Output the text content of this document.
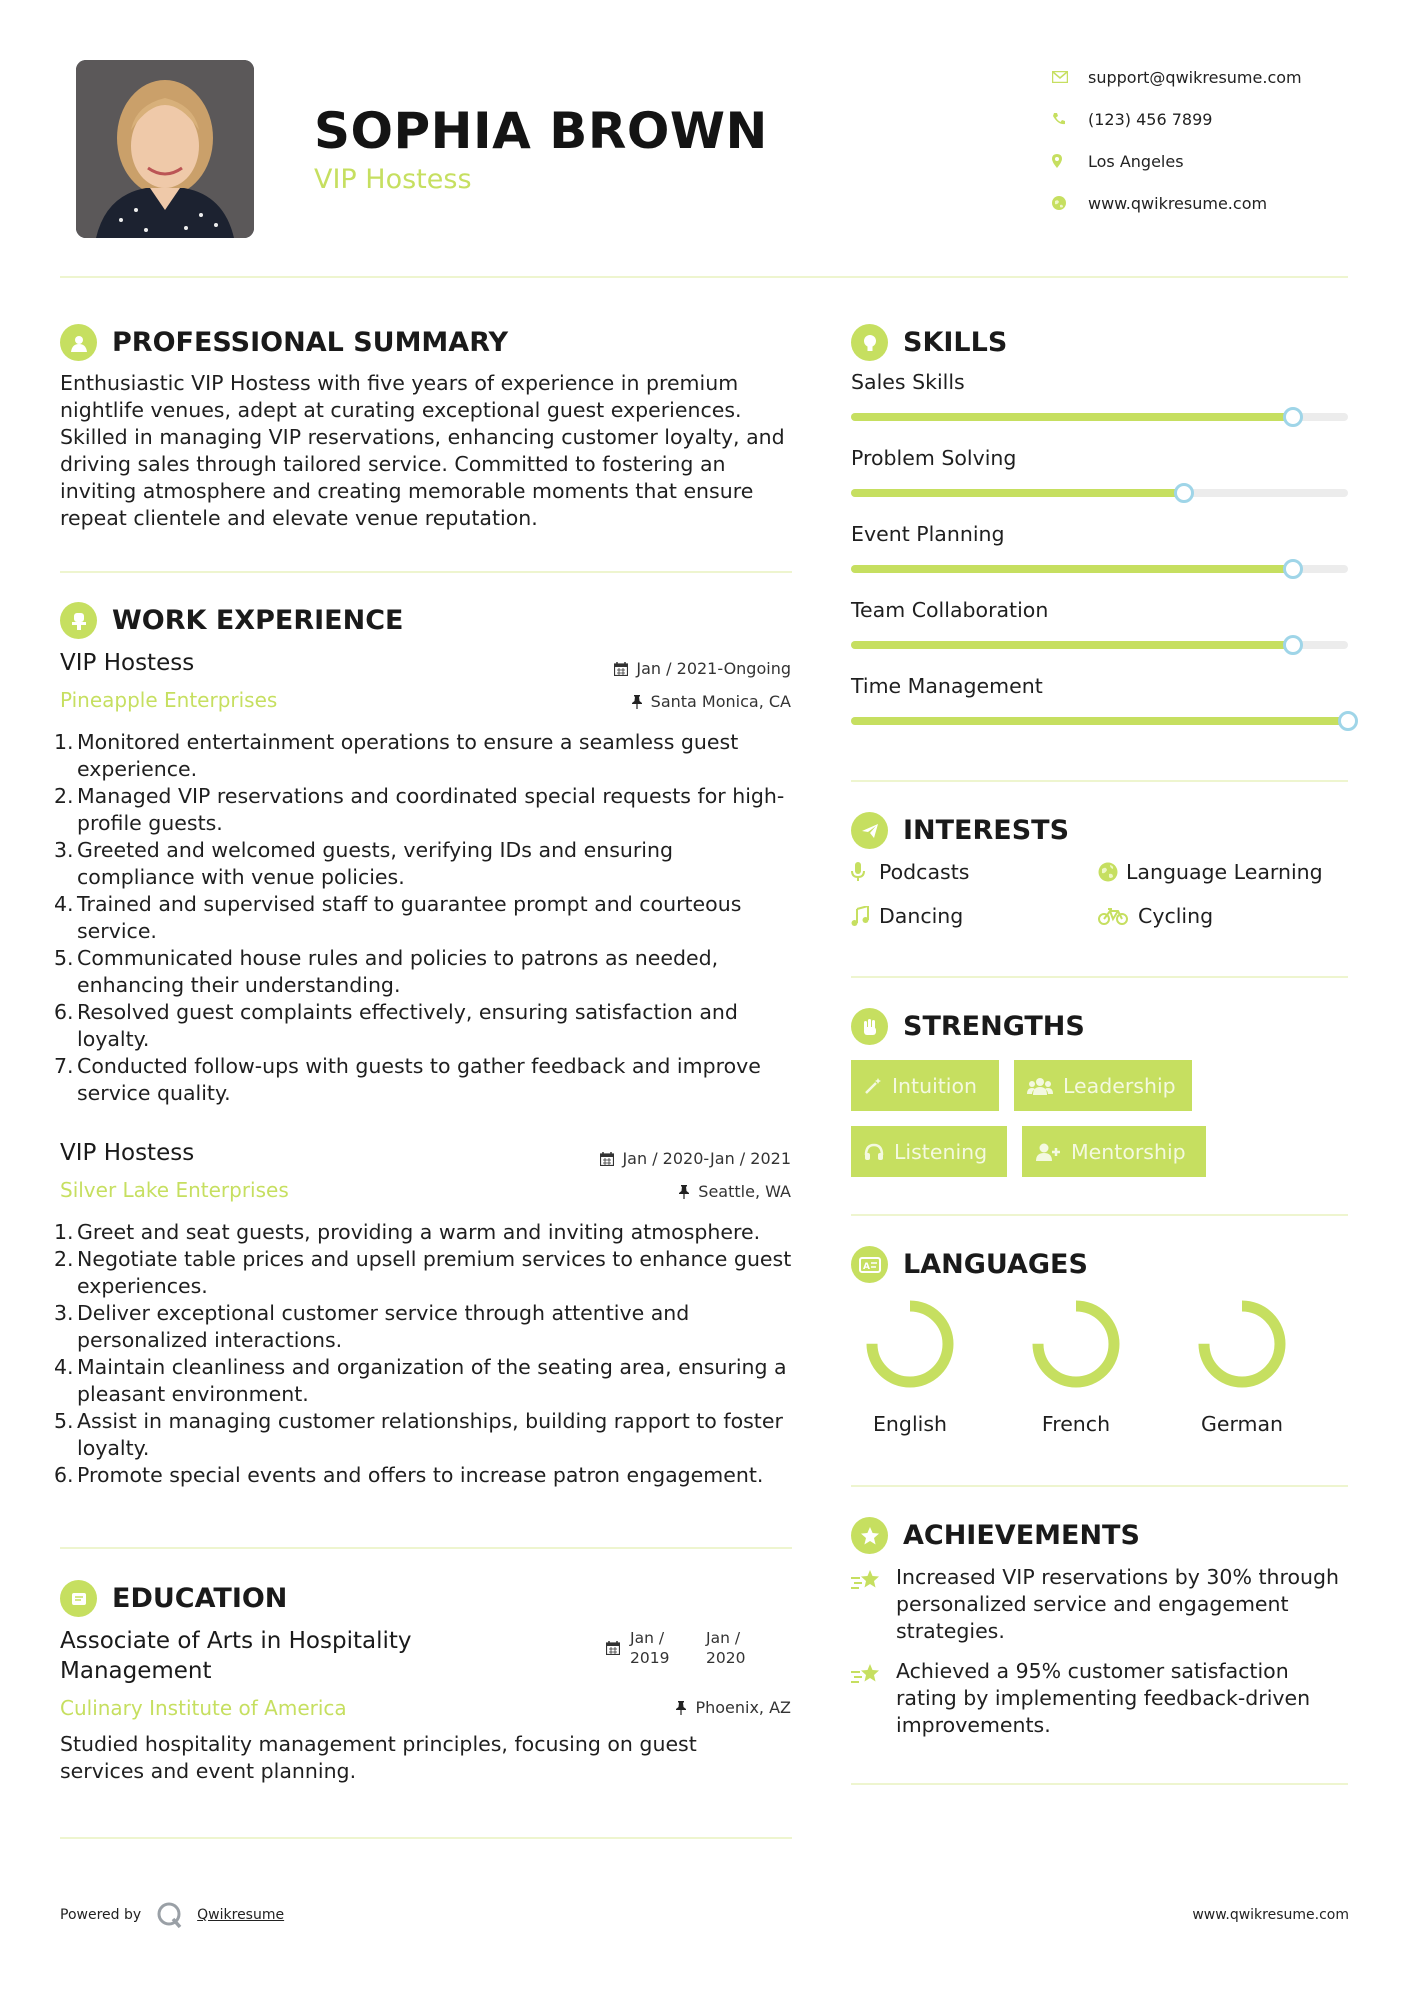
SOPHIA BROWN
VIP Hostess
support@qwikresume.com
(123) 456 7899
Los Angeles
www.qwikresume.com
PROFESSIONAL SUMMARY
Enthusiastic VIP Hostess with five years of experience in premium nightlife venues, adept at curating exceptional guest experiences. Skilled in managing VIP reservations, enhancing customer loyalty, and driving sales through tailored service. Committed to fostering an inviting atmosphere and creating memorable moments that ensure repeat clientele and elevate venue reputation.
WORK EXPERIENCE
VIP Hostess	Jan / 2021-Ongoing
Pineapple Enterprises	Santa Monica, CA
1. Monitored entertainment operations to ensure a seamless guest experience.
2. Managed VIP reservations and coordinated special requests for high-profile guests.
3. Greeted and welcomed guests, verifying IDs and ensuring compliance with venue policies.
4. Trained and supervised staff to guarantee prompt and courteous service.
5. Communicated house rules and policies to patrons as needed, enhancing their understanding.
6. Resolved guest complaints effectively, ensuring satisfaction and loyalty.
7. Conducted follow-ups with guests to gather feedback and improve service quality.
VIP Hostess	Jan / 2020-Jan / 2021
Silver Lake Enterprises	Seattle, WA
1. Greet and seat guests, providing a warm and inviting atmosphere.
2. Negotiate table prices and upsell premium services to enhance guest experiences.
3. Deliver exceptional customer service through attentive and personalized interactions.
4. Maintain cleanliness and organization of the seating area, ensuring a pleasant environment.
5. Assist in managing customer relationships, building rapport to foster loyalty.
6. Promote special events and offers to increase patron engagement.
EDUCATION
Associate of Arts in Hospitality Management
Jan / 2019
Jan / 2020
Culinary Institute of America	Phoenix, AZ
Studied hospitality management principles, focusing on guest services and event planning.
SKILLS
Sales Skills
Problem Solving
Event Planning
Team Collaboration
Time Management
INTERESTS
Podcasts	Language Learning
Dancing	Cycling
STRENGTHS
Intuition	Leadership
Listening	Mentorship
A LANGUAGES
English	French	German
ACHIEVEMENTS
Increased VIP reservations by 30% through personalized service and engagement strategies.
Achieved a 95% customer satisfaction rating by implementing feedback-driven improvements.
Powered by	Qwikresume	www.qwikresume.com
